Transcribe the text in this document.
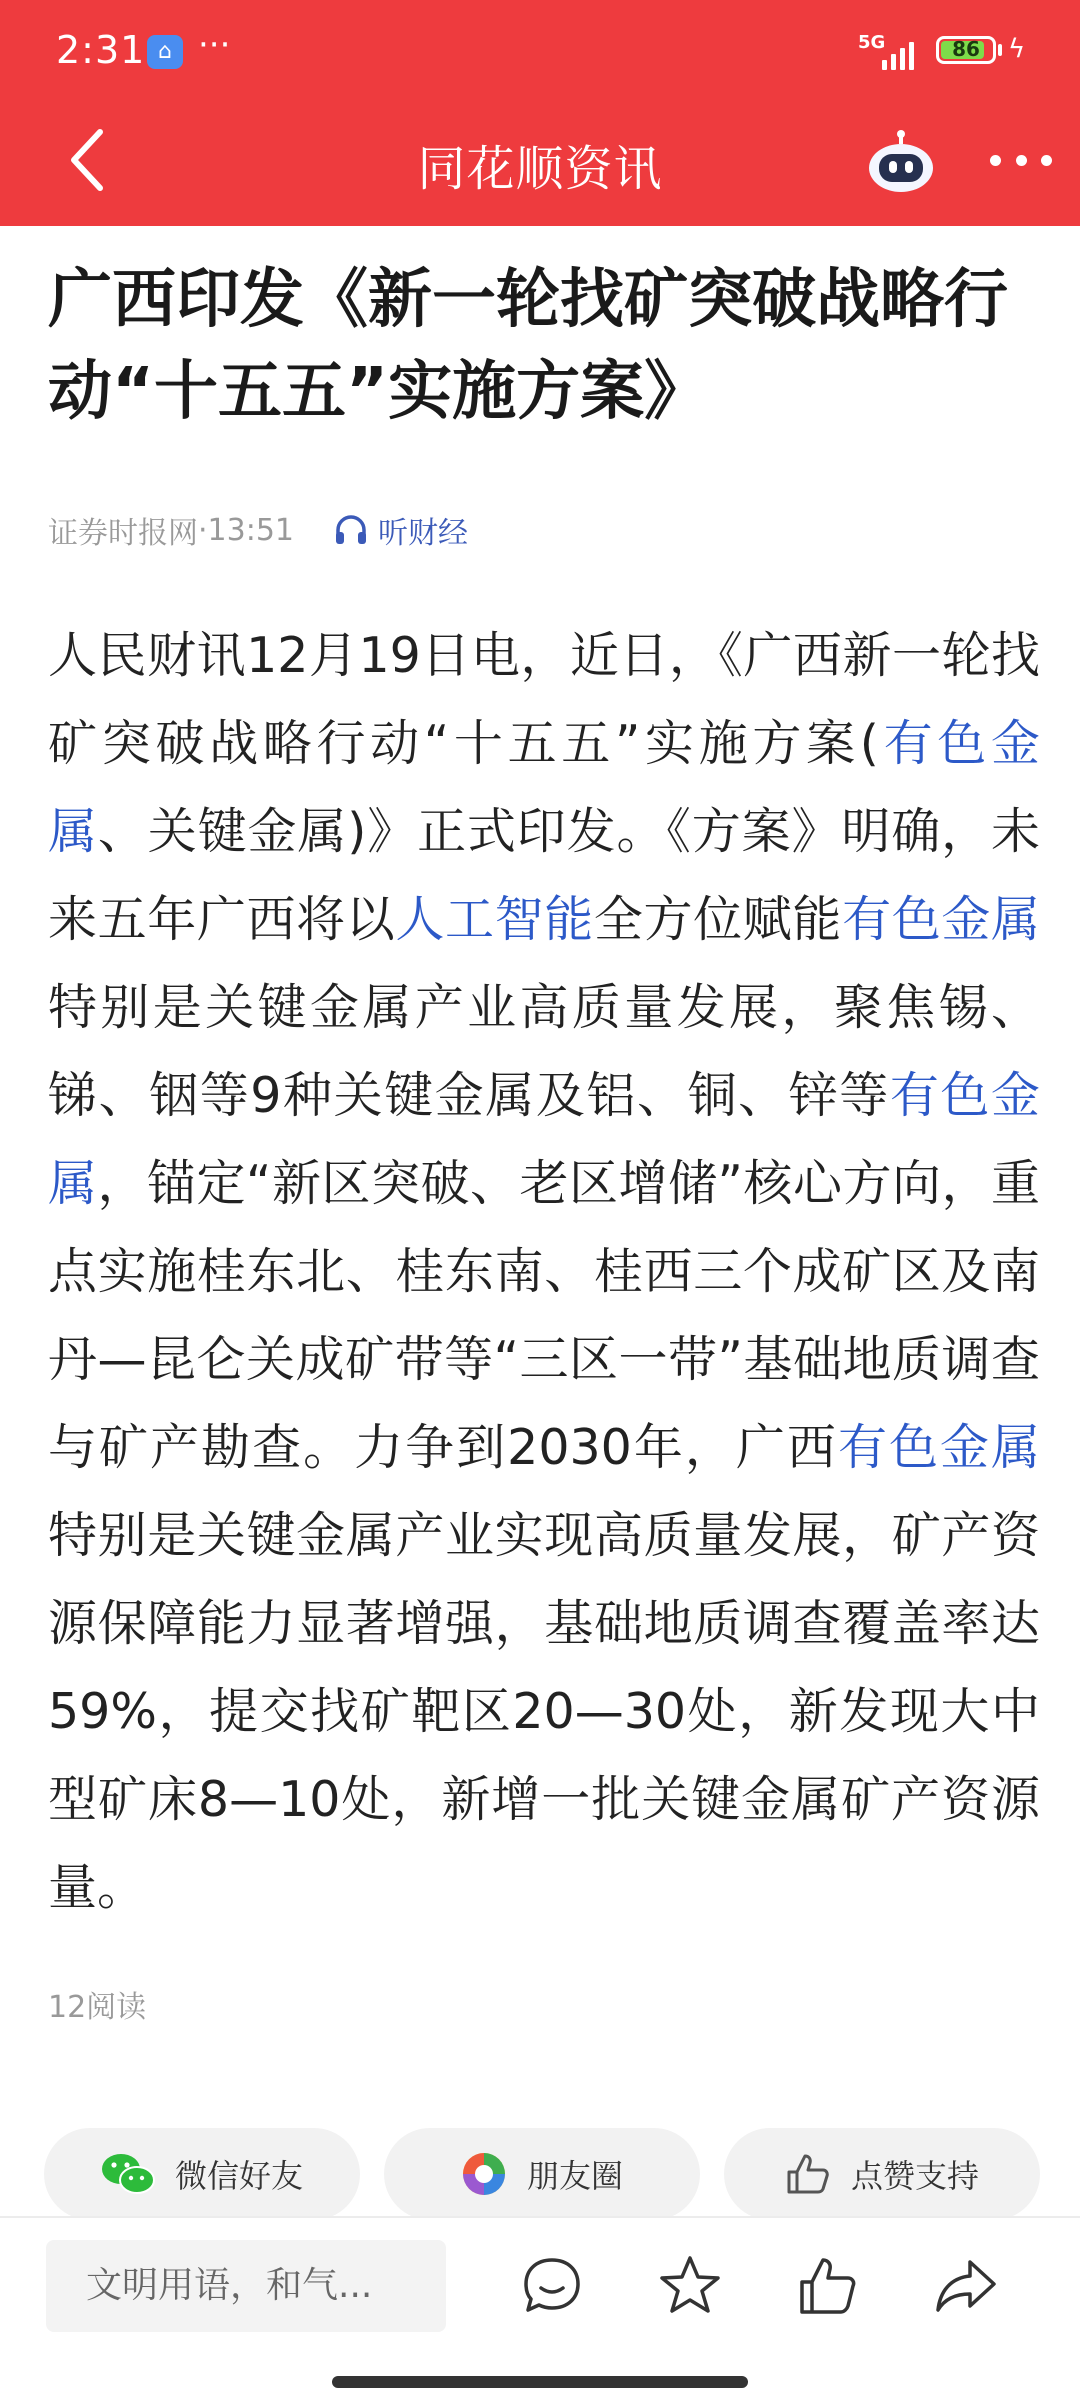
2:31 ⌂ ···	5G	86	ϟ
同花顺资讯
广西印发《新一轮找矿突破战略行动“十五五”实施方案》
证券时报网 · 13:51	听财经
人民财讯12月19日电，近日，《广西新一轮找矿突破战略行动“十五五”实施方案(有色金属、关键金属)》正式印发。《方案》明确，未来五年广西将以人工智能全方位赋能有色金属特别是关键金属产业高质量发展，聚焦锡、锑、铟等9种关键金属及铝、铜、锌等有色金属，锚定“新区突破、老区增储”核心方向，重点实施桂东北、桂东南、桂西三个成矿区及南丹—昆仑关成矿带等“三区一带”基础地质调查与矿产勘查。力争到2030年，广西有色金属特别是关键金属产业实现高质量发展，矿产资源保障能力显著增强，基础地质调查覆盖率达59%，提交找矿靶区20—30处，新发现大中型矿床8—10处，新增一批关键金属矿产资源量。
12阅读
微信好友	朋友圈	点赞支持
文明用语，和气...
